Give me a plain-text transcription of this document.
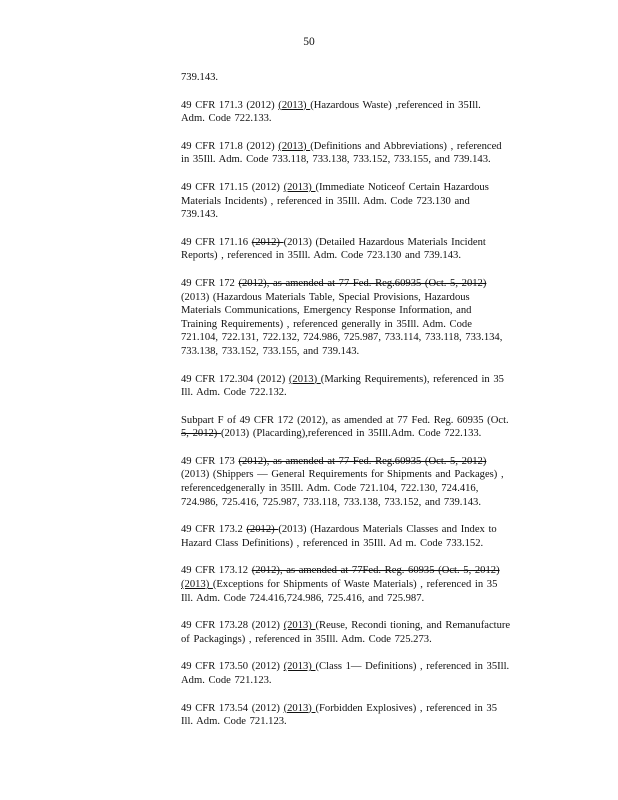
50
739.143.
49 CFR 171.3 (2012) (2013) (Hazardous Waste) ,referenced in 35Ill.
Adm. Code 722.133.
49 CFR 171.8 (2012) (2013) (Definitions and Abbreviations) , referenced
in 35Ill. Adm. Code 733.118, 733.138, 733.152, 733.155, and 739.143.
49 CFR 171.15 (2012) (2013) (Immediate Noticeof Certain Hazardous
Materials Incidents) , referenced in 35Ill. Adm. Code 723.130 and
739.143.
49 CFR 171.16 (2012) (2013) (Detailed Hazardous Materials Incident
Reports) , referenced in 35Ill. Adm. Code 723.130 and 739.143.
49 CFR 172 (2012), as amended at 77 Fed. Reg.60935 (Oct. 5, 2012)
(2013) (Hazardous Materials Table, Special Provisions, Hazardous
Materials Communications, Emergency Response Information, and
Training Requirements) , referenced generally in 35Ill. Adm. Code
721.104, 722.131, 722.132, 724.986, 725.987, 733.114, 733.118, 733.134,
733.138, 733.152, 733.155, and 739.143.
49 CFR 172.304 (2012) (2013) (Marking Requirements), referenced in 35
Ill. Adm. Code 722.132.
Subpart F of 49 CFR 172 (2012), as amended at 77 Fed. Reg. 60935 (Oct.
5, 2012) (2013) (Placarding),referenced in 35Ill.Adm. Code 722.133.
49 CFR 173 (2012), as amended at 77 Fed. Reg.60935 (Oct. 5, 2012)
(2013) (Shippers — General Requirements for Shipments and Packages) ,
referencedgenerally in 35Ill. Adm. Code 721.104, 722.130, 724.416,
724.986, 725.416, 725.987, 733.118, 733.138, 733.152, and 739.143.
49 CFR 173.2 (2012) (2013) (Hazardous Materials Classes and Index to
Hazard Class Definitions) , referenced in 35Ill. Ad m. Code 733.152.
49 CFR 173.12 (2012), as amended at 77Fed. Reg. 60935 (Oct. 5, 2012)
(2013) (Exceptions for Shipments of Waste Materials) , referenced in 35
Ill. Adm. Code 724.416,724.986, 725.416, and 725.987.
49 CFR 173.28 (2012) (2013) (Reuse, Recondi tioning, and Remanufacture
of Packagings) , referenced in 35Ill. Adm. Code 725.273.
49 CFR 173.50 (2012) (2013) (Class 1— Definitions) , referenced in 35Ill.
Adm. Code 721.123.
49 CFR 173.54 (2012) (2013) (Forbidden Explosives) , referenced in 35
Ill. Adm. Code 721.123.
